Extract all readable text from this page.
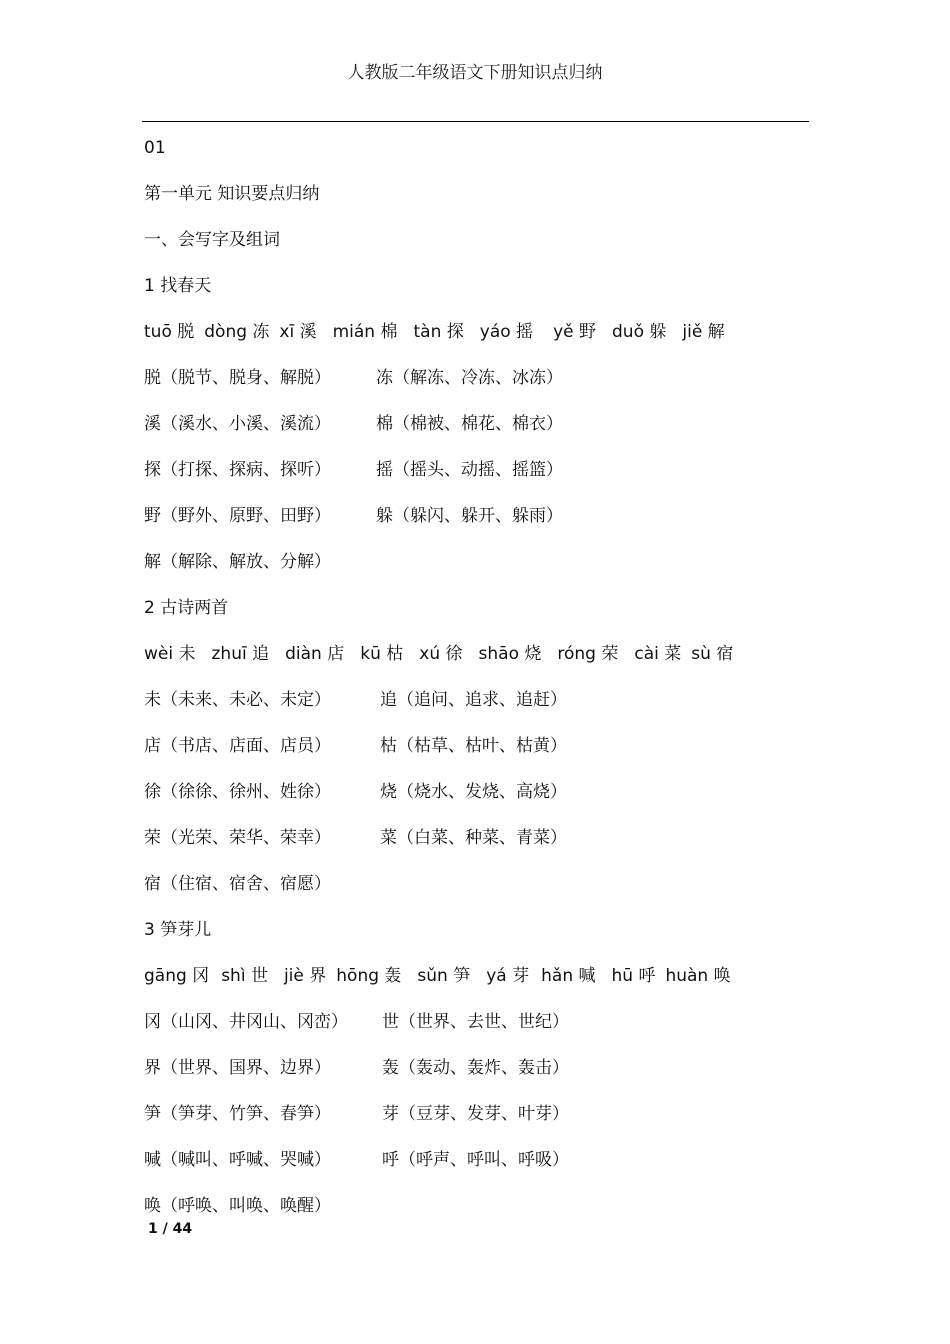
人教版二年级语文下册知识点归纳
01
第一单元 知识要点归纳
一、会写字及组词
1 找春天
tuō 脱 dòng 冻 xī 溪 mián 棉 tàn 探 yáo 摇 yě 野 duǒ 躲 jiě 解
脱（脱节、脱身、解脱）	冻（解冻、冷冻、冰冻）
溪（溪水、小溪、溪流）	棉（棉被、棉花、棉衣）
探（打探、探病、探听）	摇（摇头、动摇、摇篮）
野（野外、原野、田野）	躲（躲闪、躲开、躲雨）
解（解除、解放、分解）
2 古诗两首
wèi 未 zhuī 追 diàn 店 kū 枯 xú 徐 shāo 烧 róng 荣 cài 菜 sù 宿
未（未来、未必、未定）	追（追问、追求、追赶）
店（书店、店面、店员）	枯（枯草、枯叶、枯黄）
徐（徐徐、徐州、姓徐）	烧（烧水、发烧、高烧）
荣（光荣、荣华、荣幸）	菜（白菜、种菜、青菜）
宿（住宿、宿舍、宿愿）
3 笋芽儿
gāng 冈 shì 世 jiè 界 hōng 轰 sǔn 笋 yá 芽 hǎn 喊 hū 呼 huàn 唤
冈（山冈、井冈山、冈峦）	世（世界、去世、世纪）
界（世界、国界、边界）	轰（轰动、轰炸、轰击）
笋（笋芽、竹笋、春笋）	芽（豆芽、发芽、叶芽）
喊（喊叫、呼喊、哭喊）	呼（呼声、呼叫、呼吸）
唤（呼唤、叫唤、唤醒）
1 / 44
